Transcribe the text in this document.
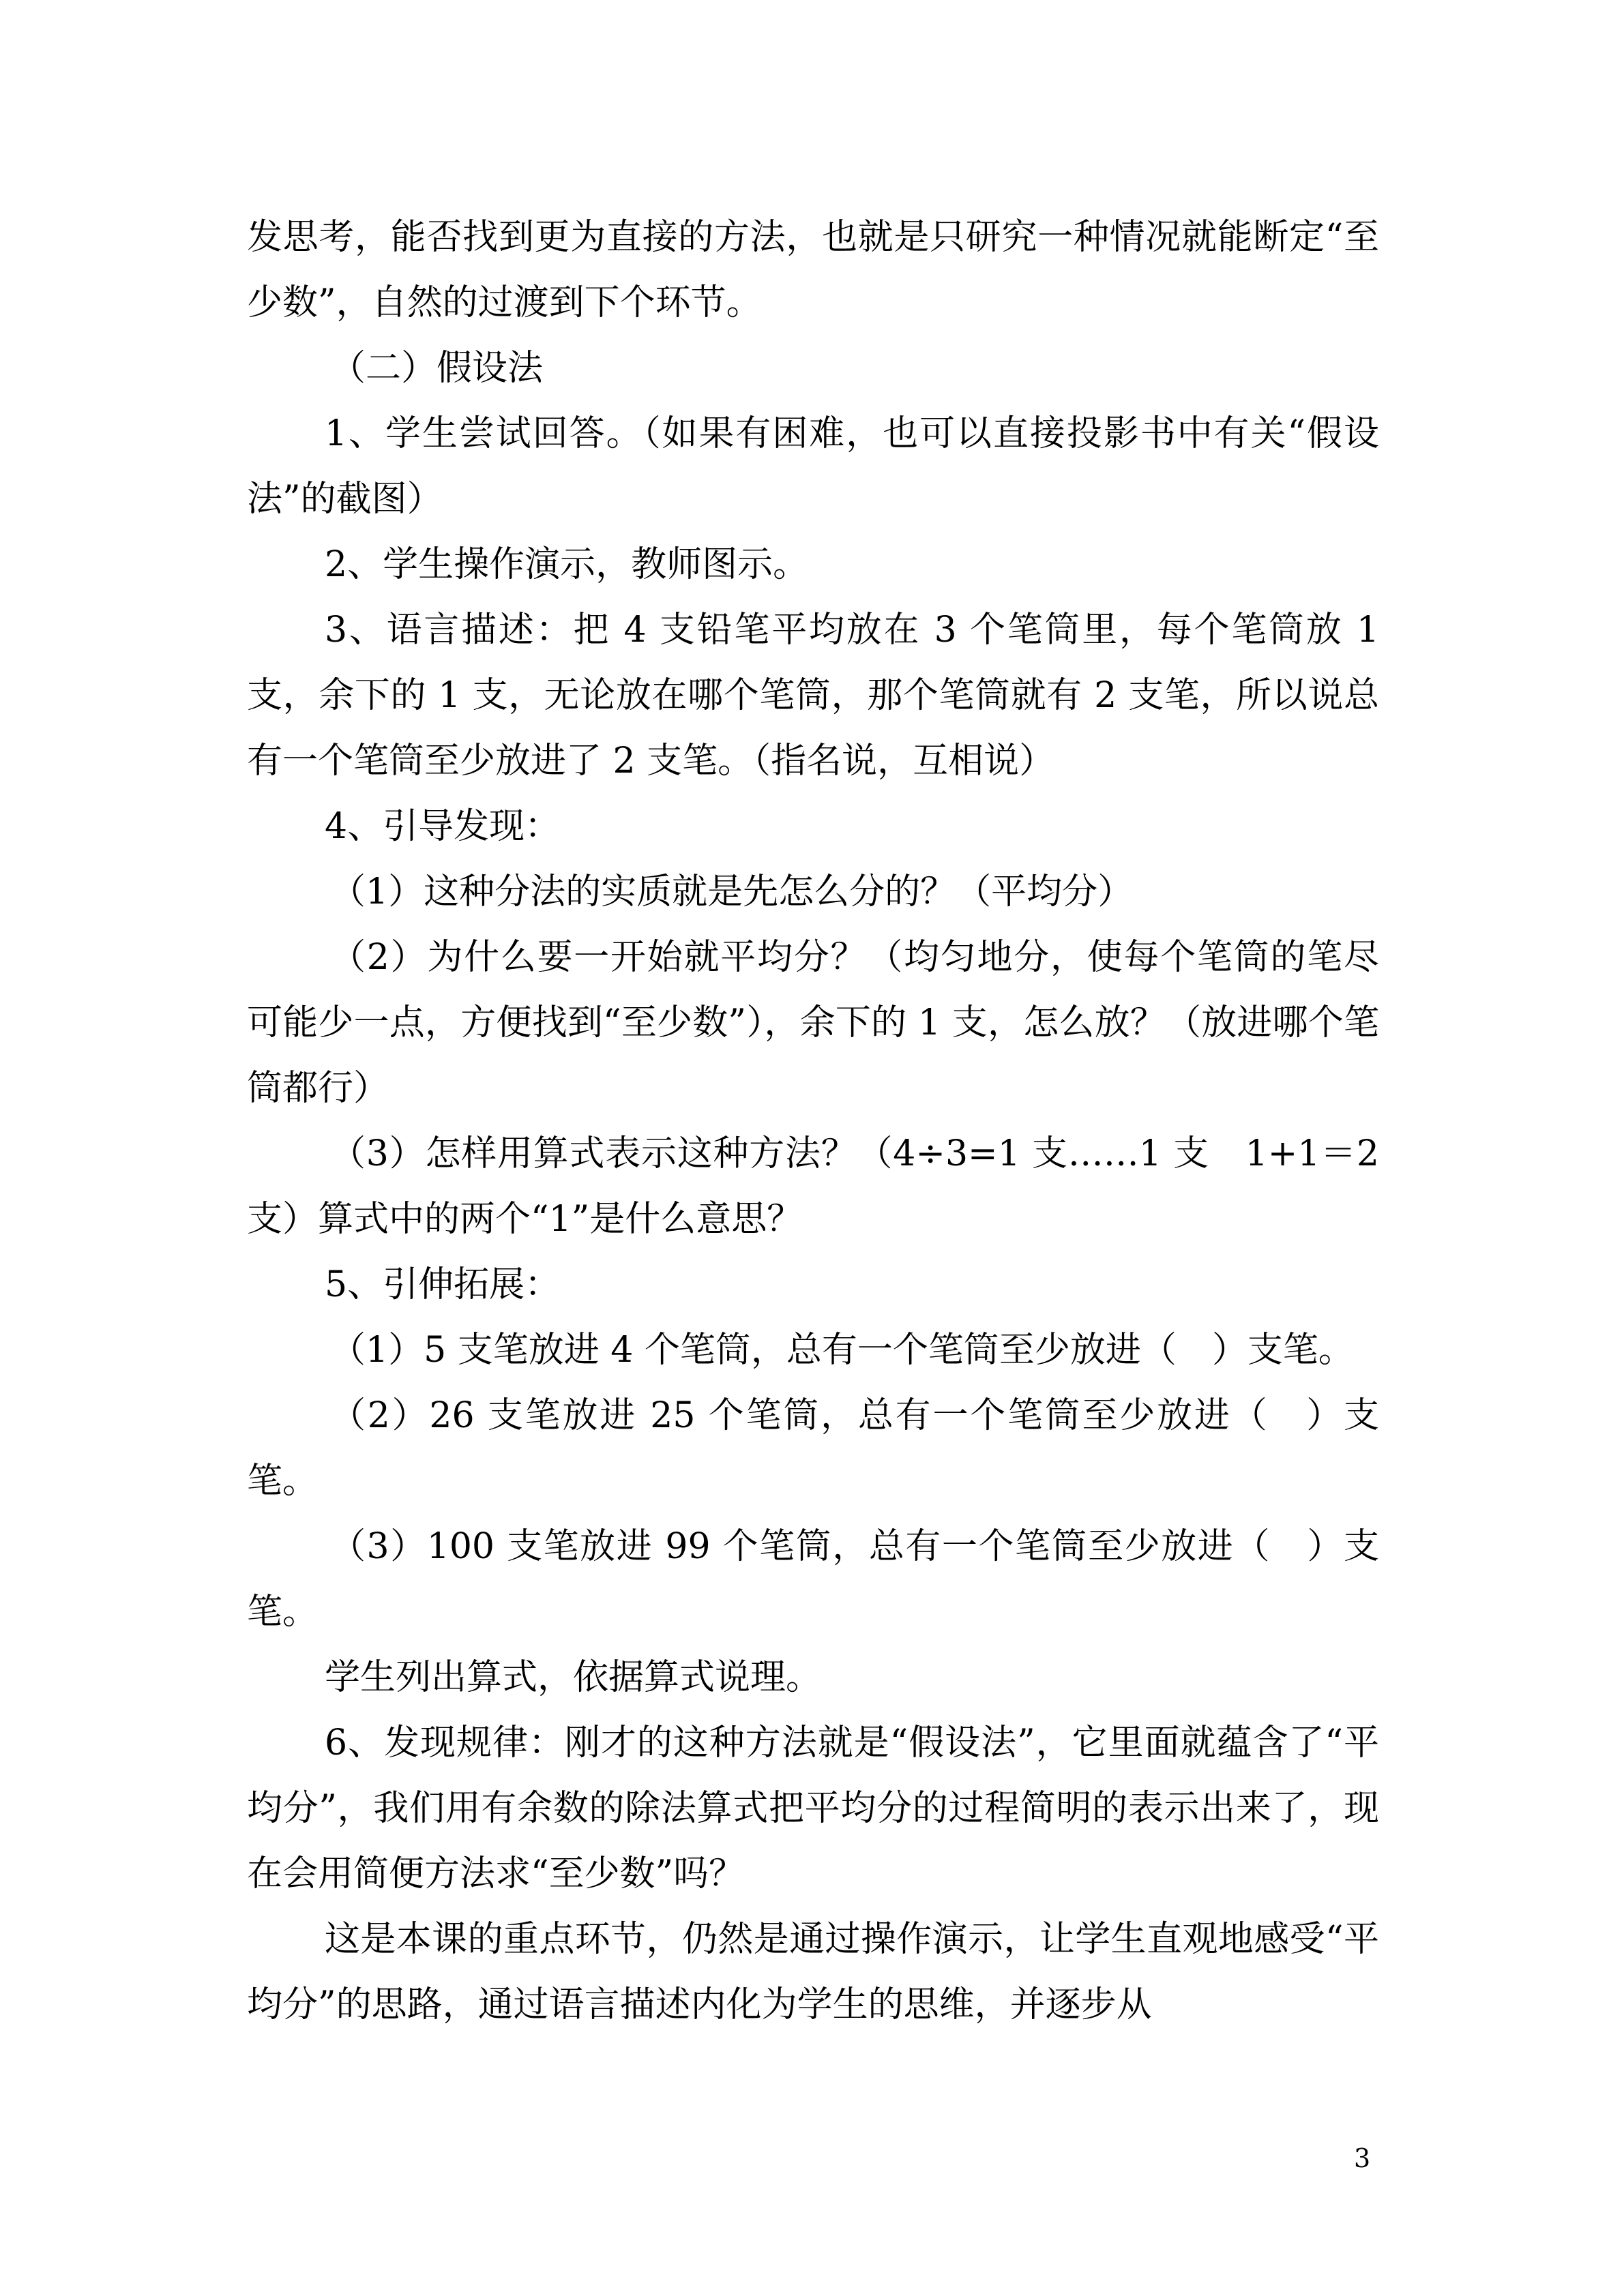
发思考，能否找到更为直接的方法，也就是只研究一种情况就能断定“至少数”，自然的过渡到下个环节。

（二）假设法

1、学生尝试回答。（如果有困难，也可以直接投影书中有关“假设法”的截图）

2、学生操作演示，教师图示。

3、语言描述：把 4 支铅笔平均放在 3 个笔筒里，每个笔筒放 1 支，余下的 1 支，无论放在哪个笔筒，那个笔筒就有 2 支笔，所以说总有一个笔筒至少放进了 2 支笔。（指名说，互相说）

4、引导发现：

（1）这种分法的实质就是先怎么分的？（平均分）

（2）为什么要一开始就平均分？（均匀地分，使每个笔筒的笔尽可能少一点，方便找到“至少数”），余下的 1 支，怎么放？（放进哪个笔筒都行）

（3）怎样用算式表示这种方法？（4÷3=1 支……1 支　1+1＝2 支）算式中的两个“1”是什么意思？

5、引伸拓展：

（1）5 支笔放进 4 个笔筒，总有一个笔筒至少放进（　）支笔。

（2）26 支笔放进 25 个笔筒，总有一个笔筒至少放进（　）支笔。

（3）100 支笔放进 99 个笔筒，总有一个笔筒至少放进（　）支笔。

学生列出算式，依据算式说理。

6、发现规律：刚才的这种方法就是“假设法”，它里面就蕴含了“平均分”，我们用有余数的除法算式把平均分的过程简明的表示出来了，现在会用简便方法求“至少数”吗？

这是本课的重点环节，仍然是通过操作演示，让学生直观地感受“平均分”的思路，通过语言描述内化为学生的思维，并逐步从

3
